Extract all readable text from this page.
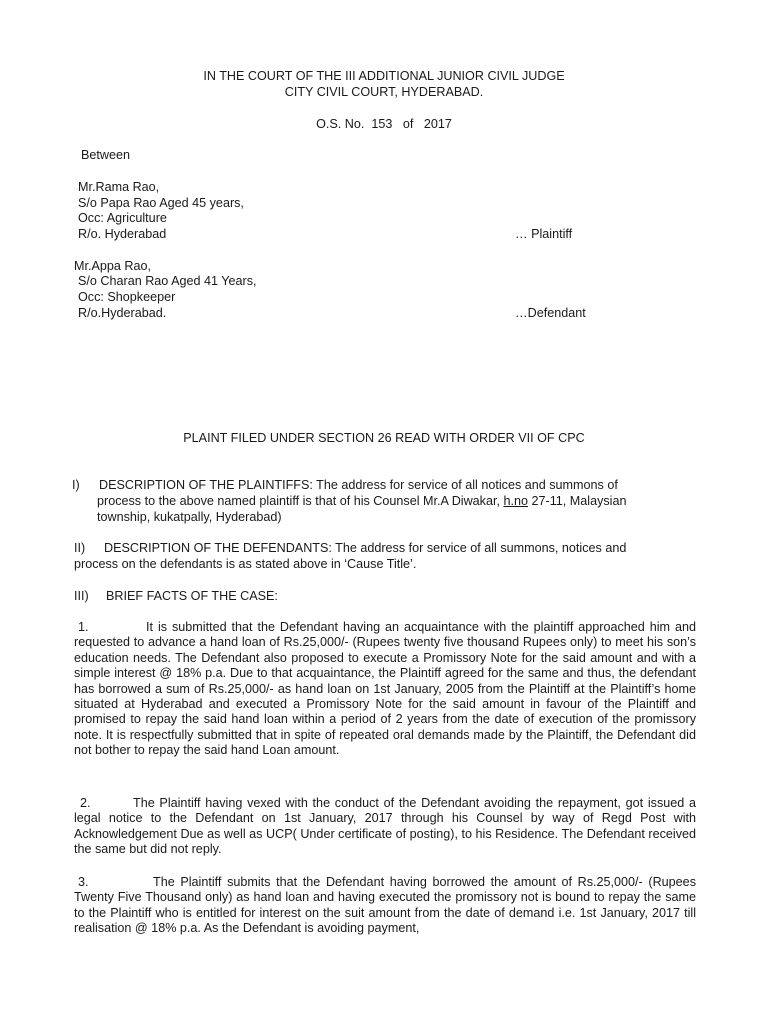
IN THE COURT OF THE III ADDITIONAL JUNIOR CIVIL JUDGE
CITY CIVIL COURT, HYDERABAD.
O.S. No. 153 of 2017
Between
Mr.Rama Rao,
S/o Papa Rao Aged 45 years,
Occ: Agriculture
R/o. Hyderabad	… Plaintiff
Mr.Appa Rao,
S/o Charan Rao Aged 41 Years,
Occ: Shopkeeper
R/o.Hyderabad.	…Defendant
PLAINT FILED UNDER SECTION 26 READ WITH ORDER VII OF CPC
I) DESCRIPTION OF THE PLAINTIFFS: The address for service of all notices and summons of
process to the above named plaintiff is that of his Counsel Mr.A Diwakar, h.no 27-11, Malaysian
township, kukatpally, Hyderabad)
II) DESCRIPTION OF THE DEFENDANTS: The address for service of all summons, notices and
process on the defendants is as stated above in ‘Cause Title’.
III) BRIEF FACTS OF THE CASE:
1.	It is submitted that the Defendant having an acquaintance with the plaintiff approached him and requested to advance a hand loan of Rs.25,000/- (Rupees twenty five thousand Rupees only) to meet his son’s education needs. The Defendant also proposed to execute a Promissory Note for the said amount and with a simple interest @ 18% p.a. Due to that acquaintance, the Plaintiff agreed for the same and thus, the defendant has borrowed a sum of Rs.25,000/- as hand loan on 1st January, 2005 from the Plaintiff at the Plaintiff’s home situated at Hyderabad and executed a Promissory Note for the said amount in favour of the Plaintiff and promised to repay the said hand loan within a period of 2 years from the date of execution of the promissory note. It is respectfully submitted that in spite of repeated oral demands made by the Plaintiff, the Defendant did not bother to repay the said hand Loan amount.
2.	The Plaintiff having vexed with the conduct of the Defendant avoiding the repayment, got issued a legal notice to the Defendant on 1st January, 2017 through his Counsel by way of Regd Post with Acknowledgement Due as well as UCP( Under certificate of posting), to his Residence. The Defendant received the same but did not reply.
3.	The Plaintiff submits that the Defendant having borrowed the amount of Rs.25,000/- (Rupees Twenty Five Thousand only) as hand loan and having executed the promissory not is bound to repay the same to the Plaintiff who is entitled for interest on the suit amount from the date of demand i.e. 1st January, 2017 till realisation @ 18% p.a. As the Defendant is avoiding payment,
